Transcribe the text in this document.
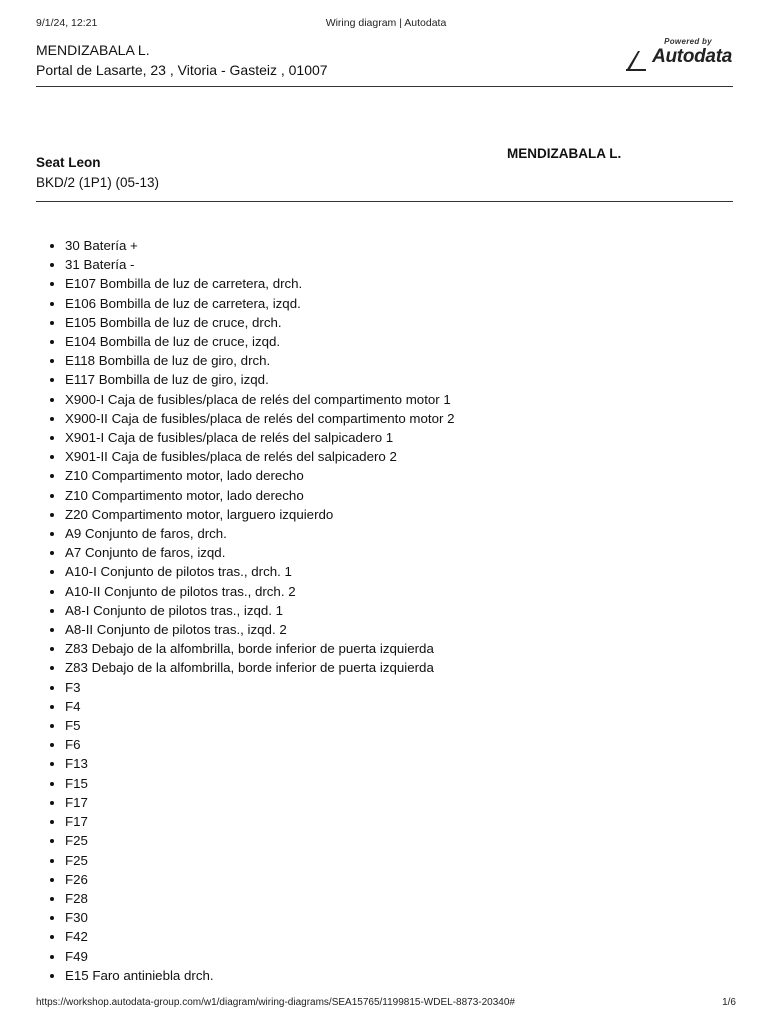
9/1/24, 12:21	Wiring diagram | Autodata
MENDIZABALA L.
Portal de Lasarte, 23 , Vitoria - Gasteiz , 01007
Powered by
Autodata
Seat Leon
BKD/2 (1P1) (05-13)
MENDIZABALA L.
• 30 Batería +
• 31 Batería -
• E107 Bombilla de luz de carretera, drch.
• E106 Bombilla de luz de carretera, izqd.
• E105 Bombilla de luz de cruce, drch.
• E104 Bombilla de luz de cruce, izqd.
• E118 Bombilla de luz de giro, drch.
• E117 Bombilla de luz de giro, izqd.
• X900-I Caja de fusibles/placa de relés del compartimento motor 1
• X900-II Caja de fusibles/placa de relés del compartimento motor 2
• X901-I Caja de fusibles/placa de relés del salpicadero 1
• X901-II Caja de fusibles/placa de relés del salpicadero 2
• Z10 Compartimento motor, lado derecho
• Z10 Compartimento motor, lado derecho
• Z20 Compartimento motor, larguero izquierdo
• A9 Conjunto de faros, drch.
• A7 Conjunto de faros, izqd.
• A10-I Conjunto de pilotos tras., drch. 1
• A10-II Conjunto de pilotos tras., drch. 2
• A8-I Conjunto de pilotos tras., izqd. 1
• A8-II Conjunto de pilotos tras., izqd. 2
• Z83 Debajo de la alfombrilla, borde inferior de puerta izquierda
• Z83 Debajo de la alfombrilla, borde inferior de puerta izquierda
• F3
• F4
• F5
• F6
• F13
• F15
• F17
• F17
• F25
• F25
• F26
• F28
• F30
• F42
• F49
• E15 Faro antiniebla drch.
https://workshop.autodata-group.com/w1/diagram/wiring-diagrams/SEA15765/1199815-WDEL-8873-20340#	1/6
